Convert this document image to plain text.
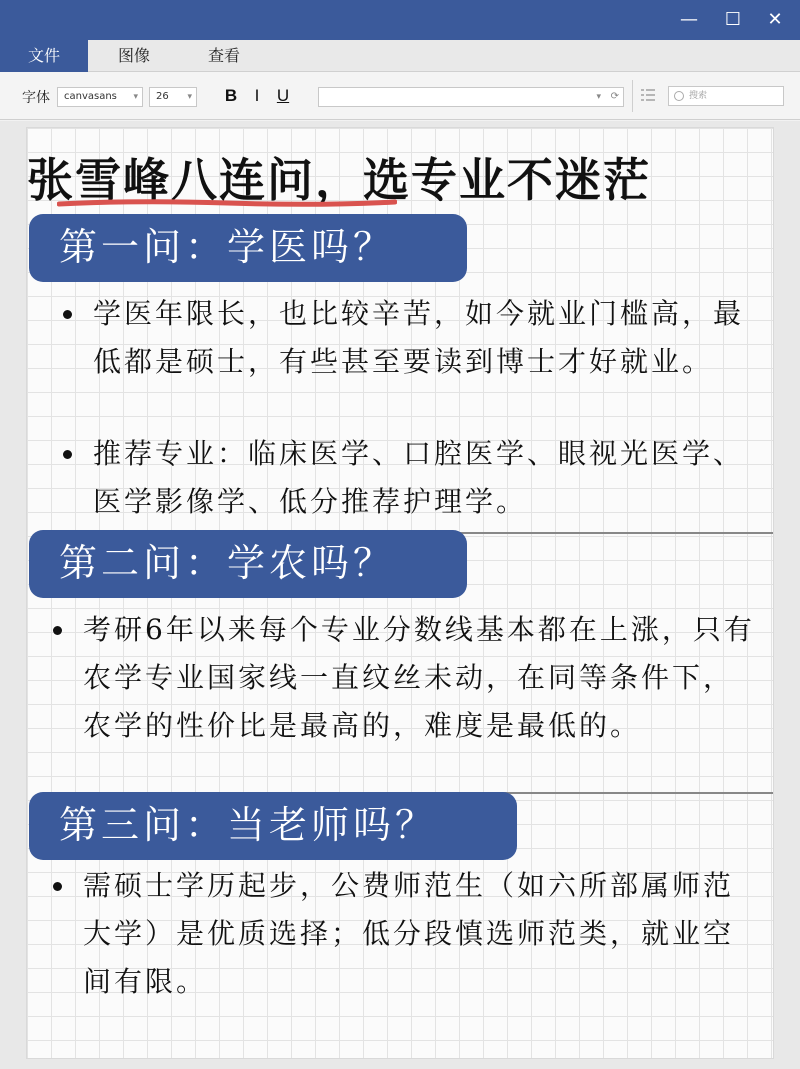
—	☐	✕
文件	图像	查看
字体	canvasans ▾	26 ▾ B	I	U	▾ ⟳	搜索
张雪峰八连问，选专业不迷茫
第一问：学医吗？
学医年限长，也比较辛苦，如今就业门槛高，最低都是硕士，有些甚至要读到博士才好就业。
推荐专业：临床医学、口腔医学、眼视光医学、医学影像学、低分推荐护理学。
第二问：学农吗？
考研6年以来每个专业分数线基本都在上涨，只有农学专业国家线一直纹丝未动，在同等条件下，农学的性价比是最高的，难度是最低的。
第三问：当老师吗？
需硕士学历起步，公费师范生（如六所部属师范大学）是优质选择；低分段慎选师范类，就业空间有限。
